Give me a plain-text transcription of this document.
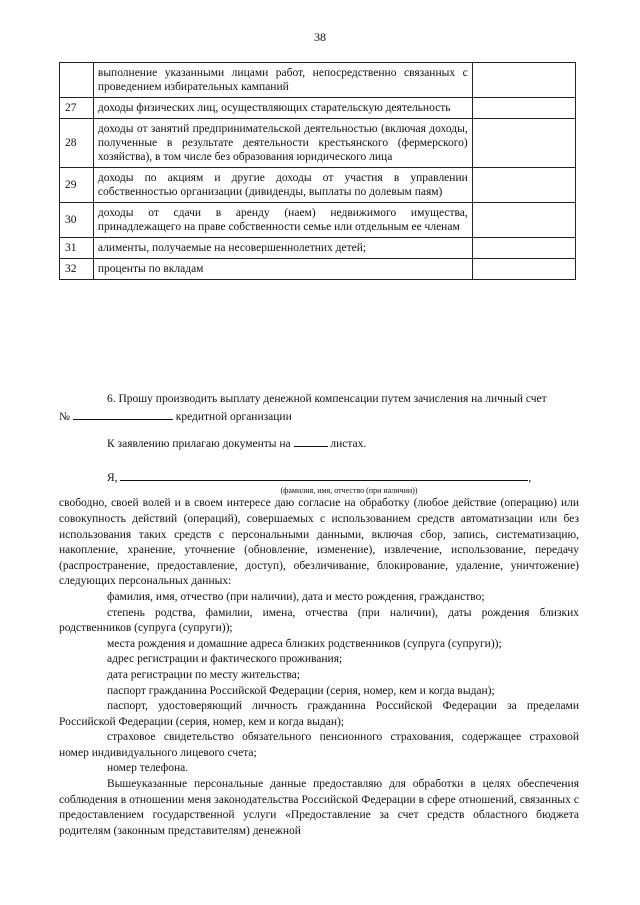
38
	выполнение указанными лицами работ, непосредственно связанных с проведением избирательных кампаний	
27	доходы физических лиц, осуществляющих старательскую деятельность	
28	доходы от занятий предпринимательской деятельностью (включая доходы, полученные в результате деятельности крестьянского (фермерского) хозяйства), в том числе без образования юридического лица	
29	доходы по акциям и другие доходы от участия в управлении собственностью организации (дивиденды, выплаты по долевым паям)	
30	доходы от сдачи в аренду (наем) недвижимого имущества, принадлежащего на праве собственности семье или отдельным ее членам	
31	алименты, получаемые на несовершеннолетних детей;	
32	проценты по вкладам	
6. Прошу производить выплату денежной компенсации путем зачисления на личный счет
№	кредитной организации
К заявлению прилагаю документы на	листах.
Я,	,
(фамилия, имя, отчество (при наличии))
свободно, своей волей и в своем интересе даю согласие на обработку (любое действие (операцию) или совокупность действий (операций), совершаемых с использованием средств автоматизации или без использования таких средств с персональными данными, включая сбор, запись, систематизацию, накопление, хранение, уточнение (обновление, изменение), извлечение, использование, передачу (распространение, предоставление, доступ), обезличивание, блокирование, удаление, уничтожение) следующих персональных данных:
фамилия, имя, отчество (при наличии), дата и место рождения, гражданство;
степень родства, фамилии, имена, отчества (при наличии), даты рождения близких родственников (супруга (супруги));
места рождения и домашние адреса близких родственников (супруга (супруги));
адрес регистрации и фактического проживания;
дата регистрации по месту жительства;
паспорт гражданина Российской Федерации (серия, номер, кем и когда выдан);
паспорт, удостоверяющий личность гражданина Российской Федерации за пределами Российской Федерации (серия, номер, кем и когда выдан);
страховое свидетельство обязательного пенсионного страхования, содержащее страховой номер индивидуального лицевого счета;
номер телефона.
Вышеуказанные персональные данные предоставляю для обработки в целях обеспечения соблюдения в отношении меня законодательства Российской Федерации в сфере отношений, связанных с предоставлением государственной услуги «Предоставление за счет средств областного бюджета родителям (законным представителям) денежной
